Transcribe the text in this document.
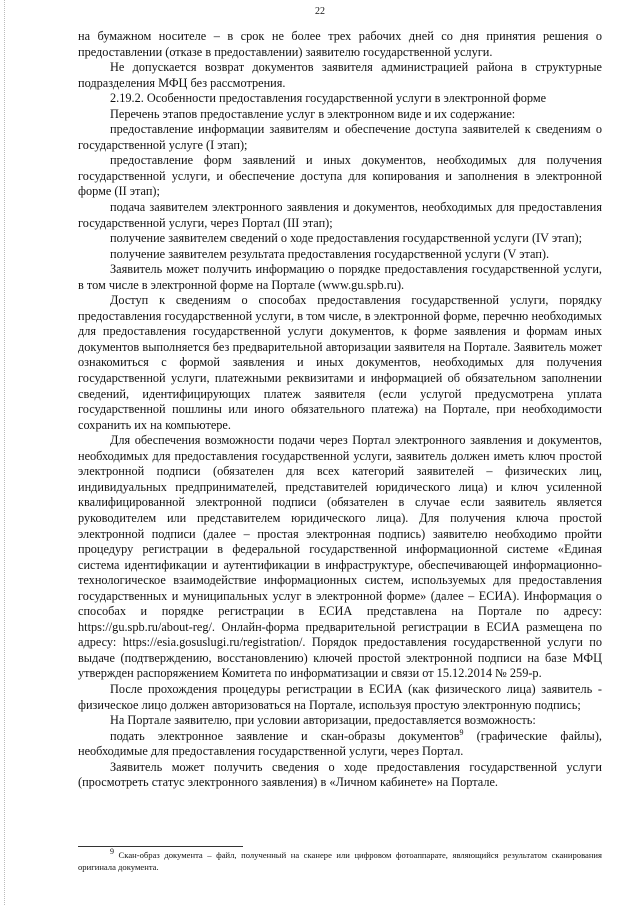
22

на бумажном носителе – в срок не более трех рабочих дней со дня принятия решения о предоставлении (отказе в предоставлении) заявителю государственной услуги.

Не допускается возврат документов заявителя администрацией района в структурные подразделения МФЦ без рассмотрения.

2.19.2. Особенности предоставления государственной услуги в электронной форме

Перечень этапов предоставление услуг в электронном виде и их содержание:

предоставление информации заявителям и обеспечение доступа заявителей к сведениям о государственной услуге (I этап);

предоставление форм заявлений и иных документов, необходимых для получения государственной услуги, и обеспечение доступа для копирования и заполнения в электронной форме (II этап);

подача заявителем электронного заявления и документов, необходимых для предоставления государственной услуги, через Портал (III этап);

получение заявителем сведений о ходе предоставления государственной услуги (IV этап);

получение заявителем результата предоставления государственной услуги (V этап).

Заявитель может получить информацию о порядке предоставления государственной услуги, в том числе в электронной форме на Портале (www.gu.spb.ru).

Доступ к сведениям о способах предоставления государственной услуги, порядку предоставления государственной услуги, в том числе, в электронной форме, перечню необходимых для предоставления государственной услуги документов, к форме заявления и формам иных документов выполняется без предварительной авторизации заявителя на Портале. Заявитель может ознакомиться с формой заявления и иных документов, необходимых для получения государственной услуги, платежными реквизитами и информацией об обязательном заполнении сведений, идентифицирующих платеж заявителя (если услугой предусмотрена уплата государственной пошлины или иного обязательного платежа) на Портале, при необходимости сохранить их на компьютере.

Для обеспечения возможности подачи через Портал электронного заявления и документов, необходимых для предоставления государственной услуги, заявитель должен иметь ключ простой электронной подписи (обязателен для всех категорий заявителей – физических лиц, индивидуальных предпринимателей, представителей юридического лица) и ключ усиленной квалифицированной электронной подписи (обязателен в случае если заявитель является руководителем или представителем юридического лица). Для получения ключа простой электронной подписи (далее – простая электронная подпись) заявителю необходимо пройти процедуру регистрации в федеральной государственной информационной системе «Единая система идентификации и аутентификации в инфраструктуре, обеспечивающей информационно-технологическое взаимодействие информационных систем, используемых для предоставления государственных и муниципальных услуг в электронной форме» (далее – ЕСИА). Информация о способах и порядке регистрации в ЕСИА представлена на Портале по адресу: https://gu.spb.ru/about-reg/. Онлайн-форма предварительной регистрации в ЕСИА размещена по адресу: https://esia.gosuslugi.ru/registration/. Порядок предоставления государственной услуги по выдаче (подтверждению, восстановлению) ключей простой электронной подписи на базе МФЦ утвержден распоряжением Комитета по информатизации и связи от 15.12.2014 № 259-р.

После прохождения процедуры регистрации в ЕСИА (как физического лица) заявитель - физическое лицо должен авторизоваться на Портале, используя простую электронную подпись;

На Портале заявителю, при условии авторизации, предоставляется возможность:

подать электронное заявление и скан-образы документов$^9$ (графические файлы), необходимые для предоставления государственной услуги, через Портал.

Заявитель может получить сведения о ходе предоставления государственной услуги (просмотреть статус электронного заявления) в «Личном кабинете» на Портале.

$^9$ Скан-образ документа – файл, полученный на сканере или цифровом фотоаппарате, являющийся результатом сканирования оригинала документа.
